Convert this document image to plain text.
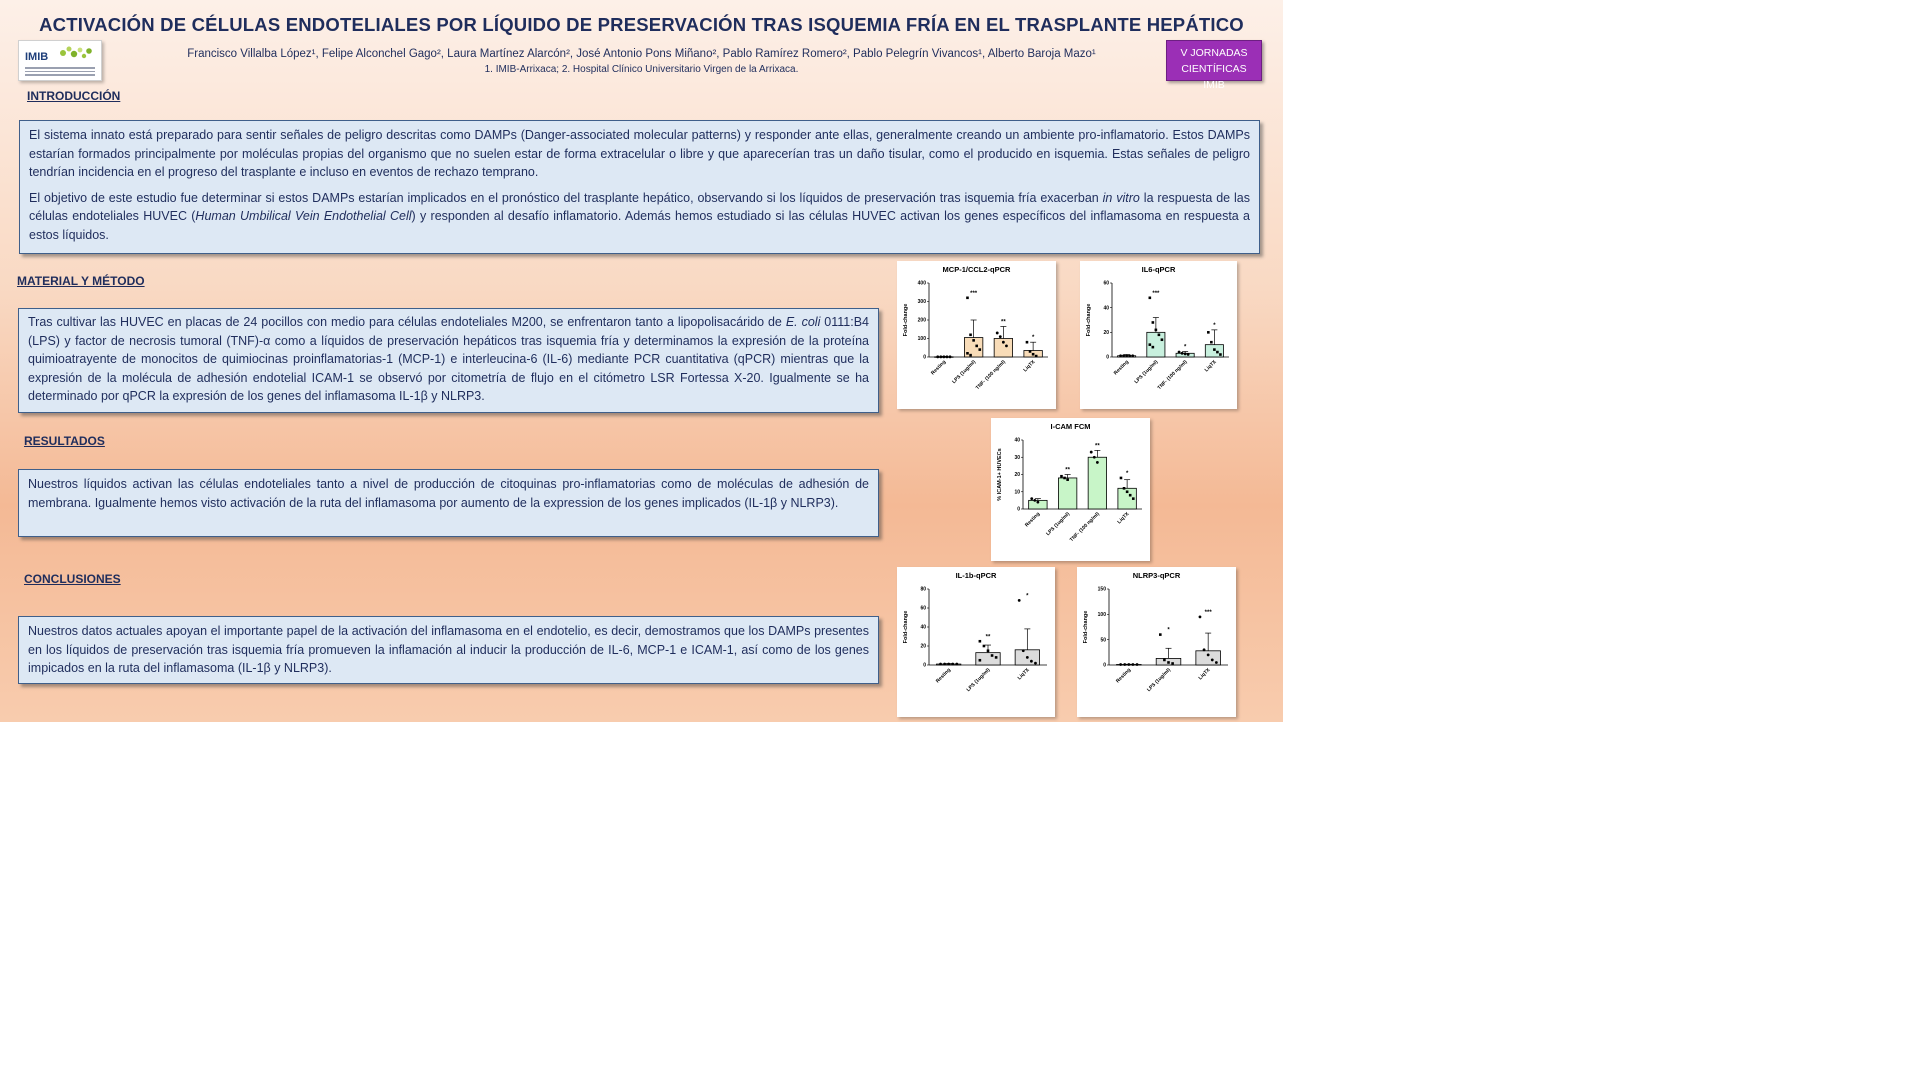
ACTIVACIÓN DE CÉLULAS ENDOTELIALES POR LÍQUIDO DE PRESERVACIÓN TRAS ISQUEMIA FRÍA EN EL TRASPLANTE HEPÁTICO
IMIB	Francisco Villalba López¹, Felipe Alconchel Gago², Laura Martínez Alarcón², José Antonio Pons Miñano², Pablo Ramírez Romero², Pablo Pelegrín Vivancos¹, Alberto Baroja Mazo¹
1. IMIB-Arrixaca; 2. Hospital Clínico Universitario Virgen de la Arrixaca.
V JORNADAS CIENTÍFICAS
IMIB
INTRODUCCIÓN

El sistema innato está preparado para sentir señales de peligro descritas como DAMPs (Danger-associated molecular patterns) y responder ante ellas, generalmente creando un ambiente pro-inflamatorio. Estos DAMPs estarían formados principalmente por moléculas propias del organismo que no suelen estar de forma extracelular o libre y que aparecerían tras un daño tisular, como el producido en isquemia. Estas señales de peligro tendrían incidencia en el progreso del trasplante e incluso en eventos de rechazo temprano.

El objetivo de este estudio fue determinar si estos DAMPs estarían implicados en el pronóstico del trasplante hepático, observando si los líquidos de preservación tras isquemia fría exacerban in vitro la respuesta de las células endoteliales HUVEC (Human Umbilical Vein Endothelial Cell) y responden al desafío inflamatorio. Además hemos estudiado si las células HUVEC activan los genes específicos del inflamasoma en respuesta a estos líquidos.

MATERIAL Y MÉTODO

Tras cultivar las HUVEC en placas de 24 pocillos con medio para células endoteliales M200, se enfrentaron tanto a lipopolisacárido de E. coli 0111:B4 (LPS) y factor de necrosis tumoral (TNF)-α como a líquidos de preservación hepáticos tras isquemia fría y determinamos la expresión de la proteína quimioatrayente de monocitos de quimiocinas proinflamatorias-1 (MCP-1) e interleucina-6 (IL-6) mediante PCR cuantitativa (qPCR) mientras que la expresión de la molécula de adhesión endotelial ICAM-1 se observó por citometría de flujo en el citómetro LSR Fortessa X-20. Igualmente se ha determinado por qPCR la expresión de los genes del inflamasoma IL-1β y NLRP3.

RESULTADOS

Nuestros líquidos activan las células endoteliales tanto a nivel de producción de citoquinas pro-inflamatorias como de moléculas de adhesión de membrana. Igualmente hemos visto activación de la ruta del inflamasoma por aumento de la expression de los genes implicados (IL-1β y NLRP3).

CONCLUSIONES

Nuestros datos actuales apoyan el importante papel de la activación del inflamasoma en el endotelio, es decir, demostramos que los DAMPs presentes en los líquidos de preservación tras isquemia fría promueven la inflamación al inducir la producción de IL-6, MCP-1 e ICAM-1, así como de los genes impicados en la ruta del inflamasoma (IL-1β y NLRP3).

MCP-1/CCL2-qPCR
Fold-change
0
100
200
300
400
Resting
***
LPS (1ug/ml)
**
TNF- (100 ng/ml)
*
LiqTX
IL6-qPCR
Fold-change
0
20
40
60
Resting
***
LPS (1ug/ml)
*
TNF- (100 ng/ml)
*
LiqTX
I-CAM FCM
% ICAM-1+ HUVECs
0
10
20
30
40
Resting
**
LPS (1ug/ml)
**
TNF- (100 ng/ml)
*
LiqTX
IL-1b-qPCR
Fold-change
0
20
40
60
80
Resting
**
LPS (1ug/ml)
*
LiqTX
NLRP3-qPCR
Fold-change
0
50
100
150
Resting
*
LPS (1ug/ml)
***
LiqTX
